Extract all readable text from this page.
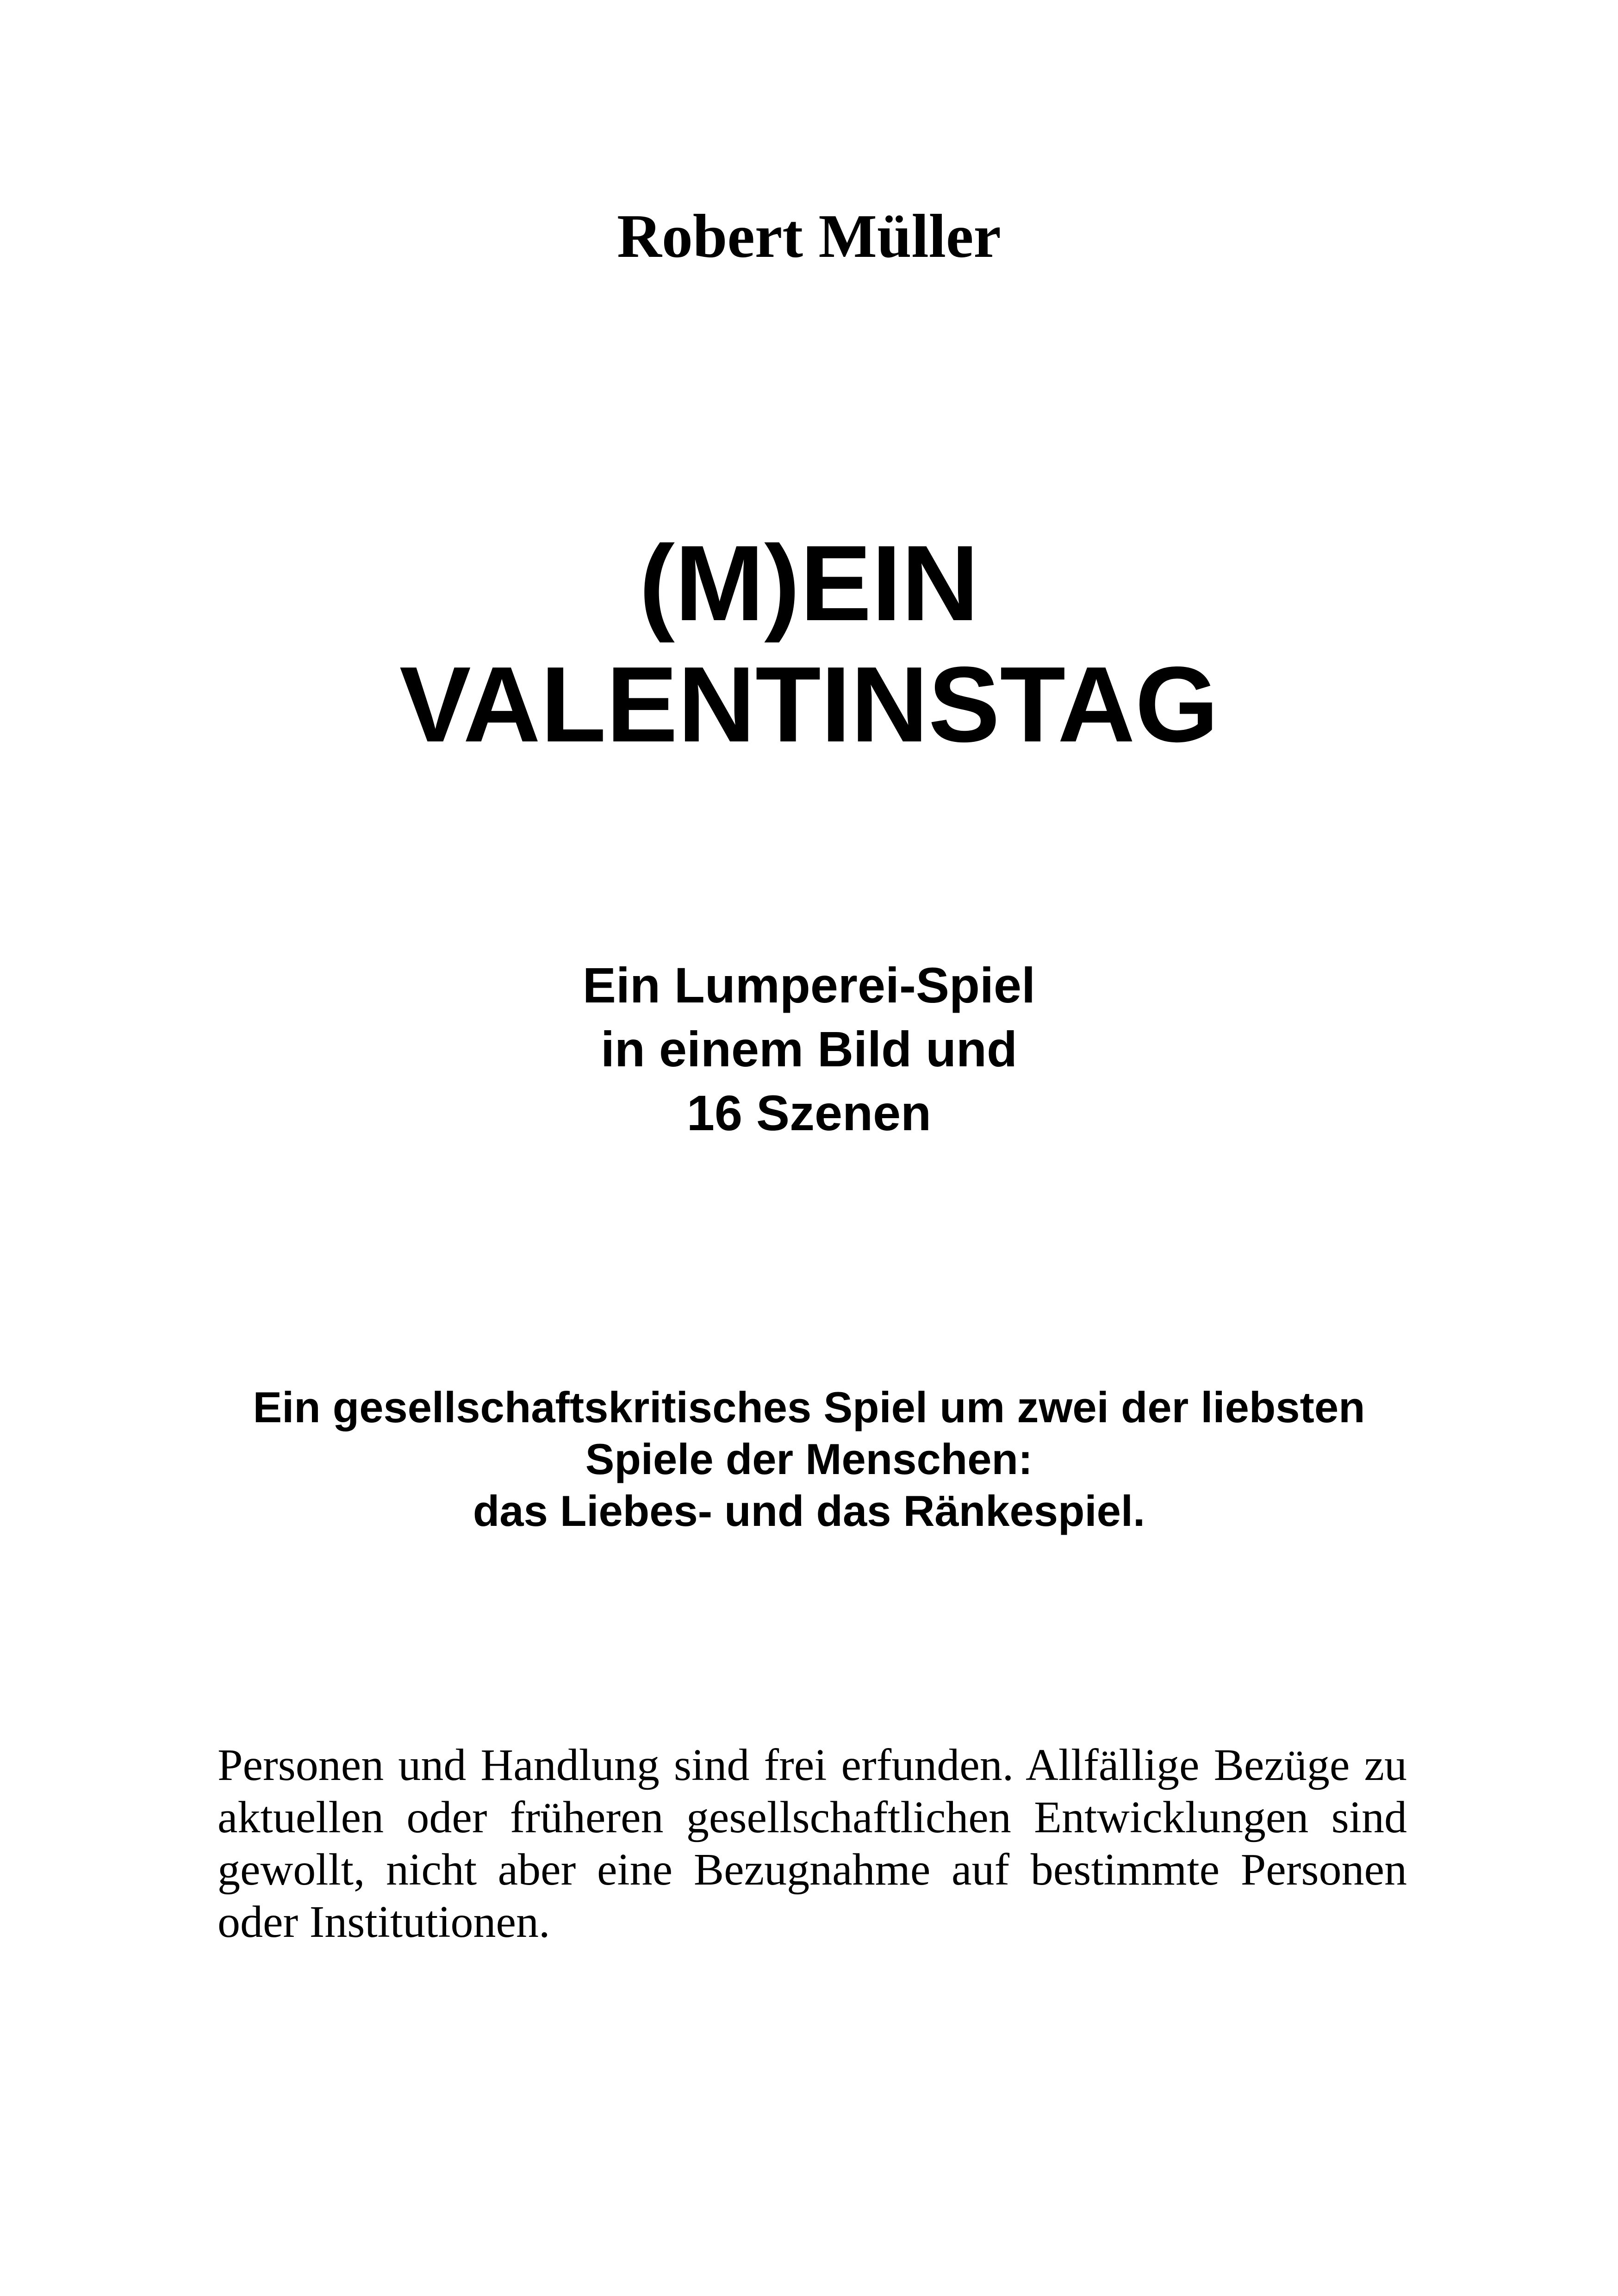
Robert Müller
(M)EIN
VALENTINSTAG
Ein Lumperei-Spiel
in einem Bild und
16 Szenen
Ein gesellschaftskritisches Spiel um zwei der liebsten
Spiele der Menschen:
das Liebes- und das Ränkespiel.

Personen und Handlung sind frei erfunden. Allfällige Bezüge zu aktuellen oder früheren gesellschaftlichen Entwicklungen sind gewollt, nicht aber eine Bezugnahme auf bestimmte Personen oder Institutionen.
